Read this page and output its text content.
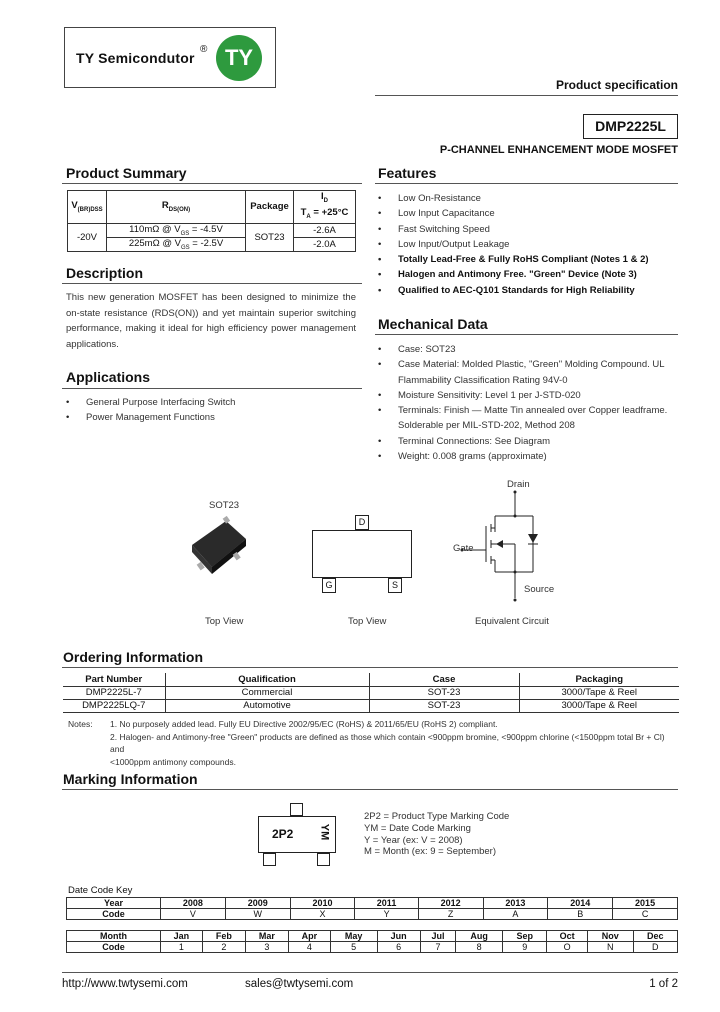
TY Semicondutor
® TY
Product specification
DMP2225L
P-CHANNEL ENHANCEMENT MODE MOSFET
Product Summary
$V_{(BR)DSS}$	$R_{DS(ON)}$	Package	$I_D$
$T_A = +25^\circ C$
-20V	110mΩ @ $V_{GS} = -4.5V$	SOT23	-2.6A
	225mΩ @ $V_{GS} = -2.5V$		-2.0A
Description
This new generation MOSFET has been designed to minimize the on-state resistance (RDS(ON)) and yet maintain superior switching performance, making it ideal for high efficiency power management applications.
Applications
• General Purpose Interfacing Switch
• Power Management Functions
Features
• Low On-Resistance
• Low Input Capacitance
• Fast Switching Speed
• Low Input/Output Leakage
• Totally Lead-Free & Fully RoHS Compliant (Notes 1 & 2)
• Halogen and Antimony Free. "Green" Device (Note 3)
• Qualified to AEC-Q101 Standards for High Reliability
Mechanical Data
• Case: SOT23
• Case Material: Molded Plastic, "Green" Molding Compound. UL Flammability Classification Rating 94V-0
• Moisture Sensitivity: Level 1 per J-STD-020
• Terminals: Finish — Matte Tin annealed over Copper leadframe. Solderable per MIL-STD-202, Method 208
• Terminal Connections: See Diagram
• Weight: 0.008 grams (approximate)
SOT23
Top View
D
G	S
Top View
Drain
Gate
Source
Equivalent Circuit
Ordering Information
Part Number	Qualification	Case	Packaging
DMP2225L-7	Commercial	SOT-23	3000/Tape & Reel
DMP2225LQ-7	Automotive	SOT-23	3000/Tape & Reel
Notes: 1. No purposely added lead. Fully EU Directive 2002/95/EC (RoHS) & 2011/65/EU (RoHS 2) compliant.
2. Halogen- and Antimony-free "Green" products are defined as those which contain <900ppm bromine, <900ppm chlorine (<1500ppm total Br + Cl) and
<1000ppm antimony compounds.
Marking Information
2P2 YM
2P2 = Product Type Marking Code
YM = Date Code Marking
Y = Year (ex: V = 2008)
M = Month (ex: 9 = September)
Date Code Key
Year	2008	2009	2010	2011	2012	2013	2014	2015
Code	V	W	X	Y	Z	A	B	C
Month	Jan	Feb	Mar	Apr	May	Jun	Jul	Aug	Sep	Oct	Nov	Dec
Code	1	2	3	4	5	6	7	8	9	O	N	D
http://www.twtysemi.com	sales@twtysemi.com	1 of 2
